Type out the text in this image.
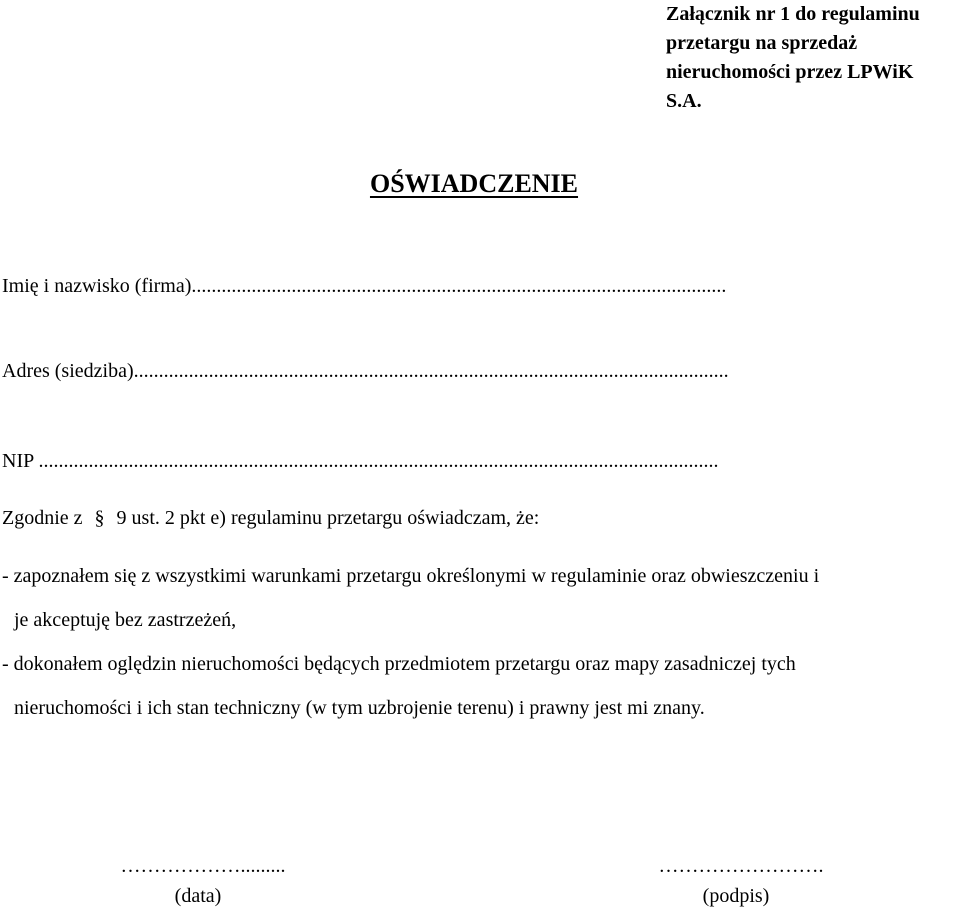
Załącznik nr 1 do regulaminu
przetargu na sprzedaż
nieruchomości przez LPWiK
S.A.
OŚWIADCZENIE
Imię i nazwisko (firma)...........................................................................................................
Adres (siedziba).......................................................................................................................
NIP ........................................................................................................................................
Zgodnie z § 9 ust. 2 pkt e) regulaminu przetargu oświadczam, że:
- zapoznałem się z wszystkimi warunkami przetargu określonymi w regulaminie oraz obwieszczeniu i
je akceptuję bez zastrzeżeń,
- dokonałem oględzin nieruchomości będących przedmiotem przetargu oraz mapy zasadniczej tych
nieruchomości i ich stan techniczny (w tym uzbrojenie terenu) i prawny jest mi znany.
……………….........
(data)
…………………….
(podpis)
